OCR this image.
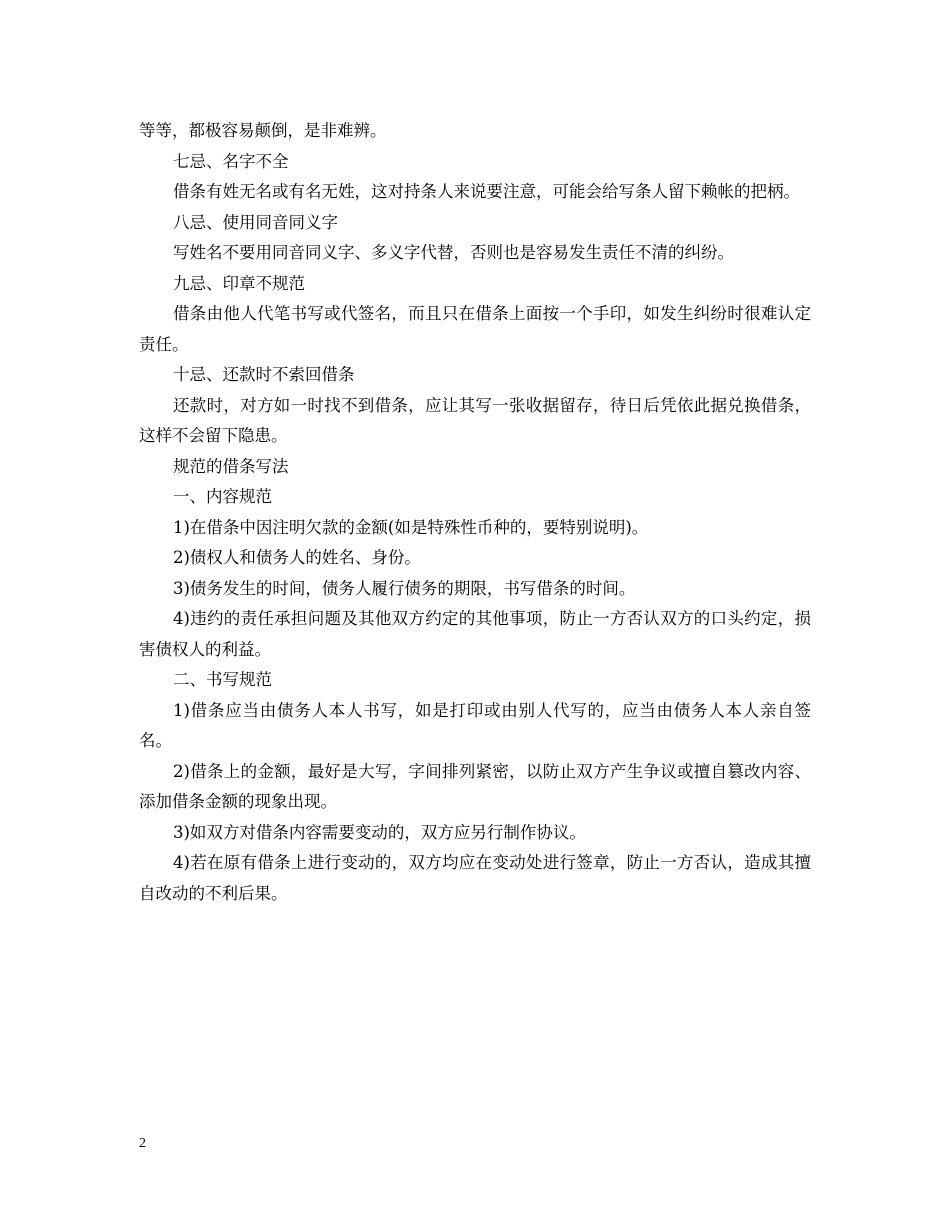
等等，都极容易颠倒，是非难辨。

七忌、名字不全

借条有姓无名或有名无姓，这对持条人来说要注意，可能会给写条人留下赖帐的把柄。

八忌、使用同音同义字

写姓名不要用同音同义字、多义字代替，否则也是容易发生责任不清的纠纷。

九忌、印章不规范

借条由他人代笔书写或代签名，而且只在借条上面按一个手印，如发生纠纷时很难认定责任。

十忌、还款时不索回借条

还款时，对方如一时找不到借条，应让其写一张收据留存，待日后凭依此据兑换借条，这样不会留下隐患。

规范的借条写法

一、内容规范

1)在借条中因注明欠款的金额(如是特殊性币种的，要特别说明)。

2)债权人和债务人的姓名、身份。

3)债务发生的时间，债务人履行债务的期限，书写借条的时间。

4)违约的责任承担问题及其他双方约定的其他事项，防止一方否认双方的口头约定，损害债权人的利益。

二、书写规范

1)借条应当由债务人本人书写，如是打印或由别人代写的，应当由债务人本人亲自签名。

2)借条上的金额，最好是大写，字间排列紧密，以防止双方产生争议或擅自篡改内容、添加借条金额的现象出现。

3)如双方对借条内容需要变动的，双方应另行制作协议。

4)若在原有借条上进行变动的，双方均应在变动处进行签章，防止一方否认，造成其擅自改动的不利后果。

2
